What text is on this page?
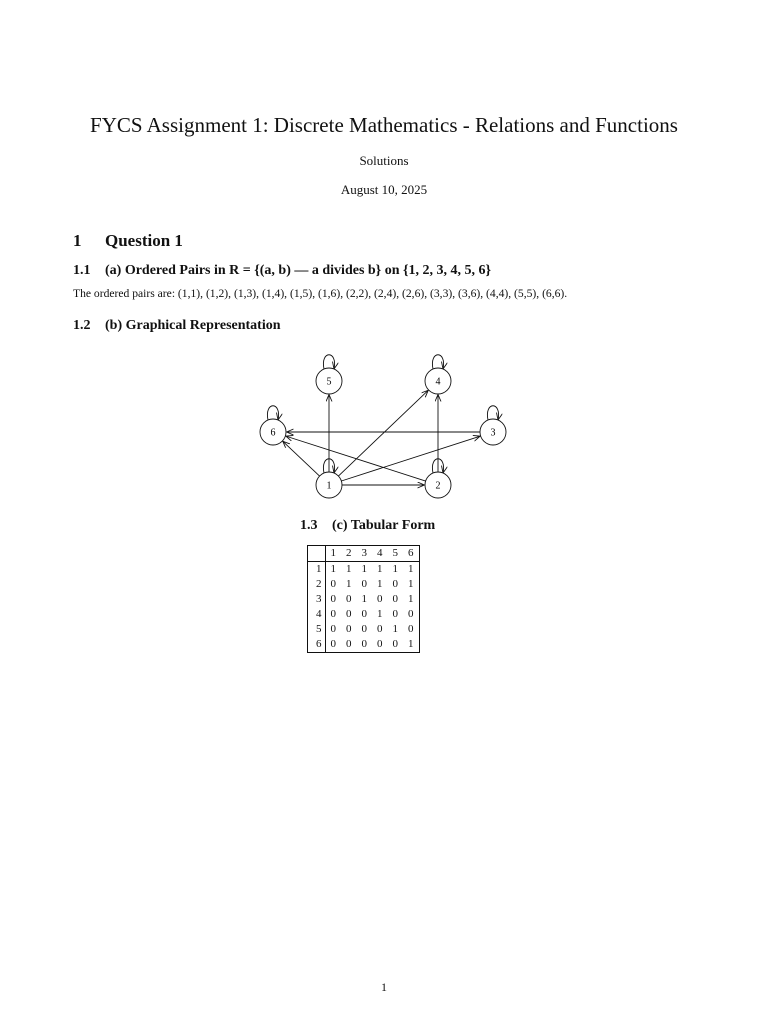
FYCS Assignment 1: Discrete Mathematics - Relations and Functions
Solutions
August 10, 2025
1 Question 1
1.1 (a) Ordered Pairs in R = {(a, b) — a divides b} on {1, 2, 3, 4, 5, 6}
The ordered pairs are: (1,1), (1,2), (1,3), (1,4), (1,5), (1,6), (2,2), (2,4), (2,6), (3,3), (3,6), (4,4), (5,5), (6,6).
1.2 (b) Graphical Representation
1	2
3
4
5
6
1.3 (c) Tabular Form
	1	2	3	4	5	6
1	1	1	1	1	1	1
2	0	1	0	1	0	1
3	0	0	1	0	0	1
4	0	0	0	1	0	0
5	0	0	0	0	1	0
6	0	0	0	0	0	1
1
